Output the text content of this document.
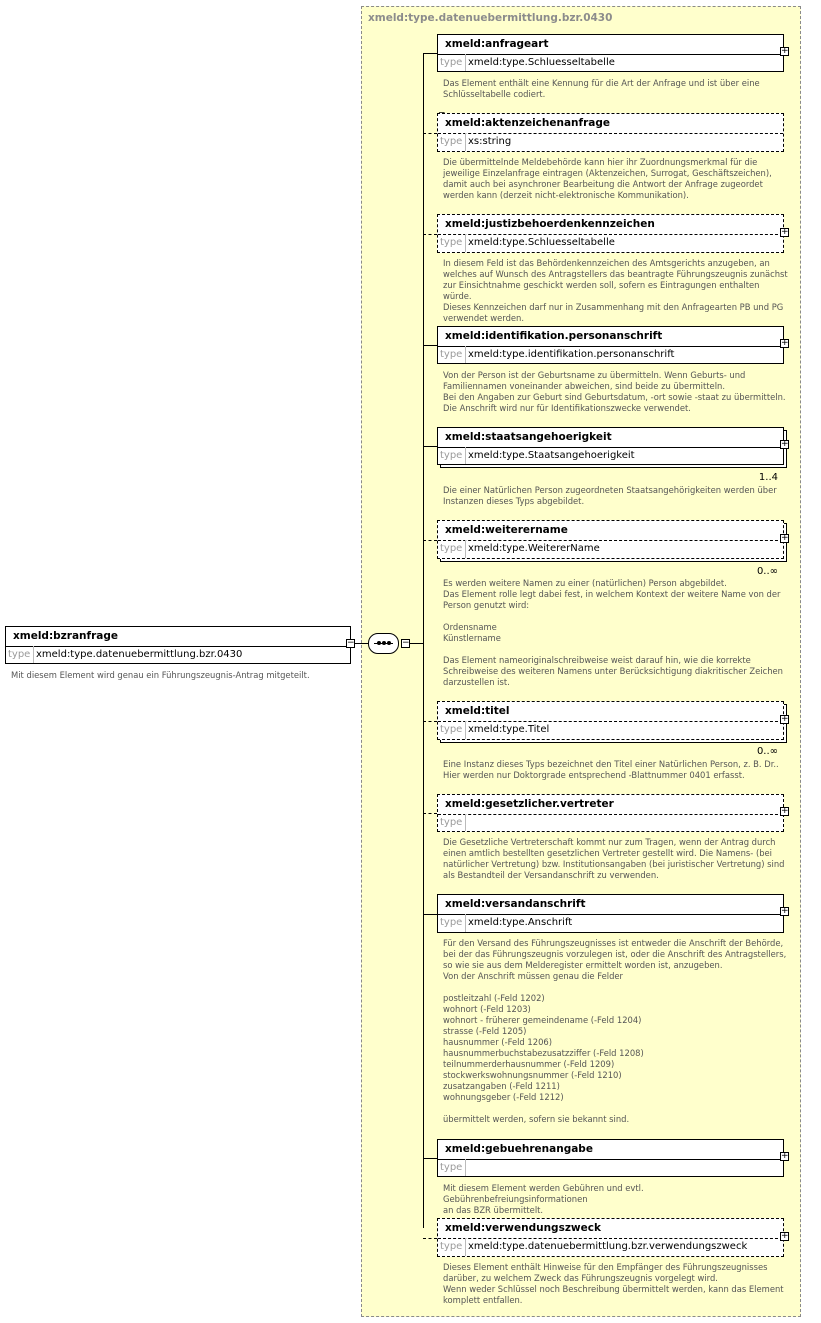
xmeld:type.datenuebermittlung.bzr.0430
xmeld:bzranfrage
type xmeld:type.datenuebermittlung.bzr.0430
−
Mit diesem Element wird genau ein Führungszeugnis-Antrag mitgeteilt.
−
xmeld:anfrageart
type xmeld:type.Schluesseltabelle
+
Das Element enthält eine Kennung für die Art der Anfrage und ist über eine
Schlüsseltabelle codiert.
xmeld:aktenzeichenanfrage
type xs:string
Die übermittelnde Meldebehörde kann hier ihr Zuordnungsmerkmal für die
jeweilige Einzelanfrage eintragen (Aktenzeichen, Surrogat, Geschäftszeichen),
damit auch bei asynchroner Bearbeitung die Antwort der Anfrage zugeordet
werden kann (derzeit nicht-elektronische Kommunikation).
xmeld:justizbehoerdenkennzeichen
type xmeld:type.Schluesseltabelle
+
In diesem Feld ist das Behördenkennzeichen des Amtsgerichts anzugeben, an
welches auf Wunsch des Antragstellers das beantragte Führungszeugnis zunächst
zur Einsichtnahme geschickt werden soll, sofern es Eintragungen enthalten würde.
Dieses Kennzeichen darf nur in Zusammenhang mit den Anfragearten PB und PG
verwendet werden.
xmeld:identifikation.personanschrift
type xmeld:type.identifikation.personanschrift
+
Von der Person ist der Geburtsname zu übermitteln. Wenn Geburts- und
Familiennamen voneinander abweichen, sind beide zu übermitteln.
Bei den Angaben zur Geburt sind Geburtsdatum, -ort sowie -staat zu übermitteln.
Die Anschrift wird nur für Identifikationszwecke verwendet.
xmeld:staatsangehoerigkeit
type xmeld:type.Staatsangehoerigkeit
+
1..4
Die einer Natürlichen Person zugeordneten Staatsangehörigkeiten werden über
Instanzen dieses Typs abgebildet.
xmeld:weiterername
type xmeld:type.WeitererName
+
0..∞
Es werden weitere Namen zu einer (natürlichen) Person abgebildet.
Das Element rolle legt dabei fest, in welchem Kontext der weitere Name von der
Person genutzt wird:

Ordensname
Künstlername

Das Element nameoriginalschreibweise weist darauf hin, wie die korrekte
Schreibweise des weiteren Namens unter Berücksichtigung diakritischer Zeichen
darzustellen ist.
xmeld:titel
type xmeld:type.Titel
+
0..∞
Eine Instanz dieses Typs bezeichnet den Titel einer Natürlichen Person, z. B. Dr..
Hier werden nur Doktorgrade entsprechend -Blattnummer 0401 erfasst.
xmeld:gesetzlicher.vertreter
type
+
Die Gesetzliche Vertreterschaft kommt nur zum Tragen, wenn der Antrag durch
einen amtlich bestellten gesetzlichen Vertreter gestellt wird. Die Namens- (bei
natürlicher Vertretung) bzw. Institutionsangaben (bei juristischer Vertretung) sind
als Bestandteil der Versandanschrift zu verwenden.
xmeld:versandanschrift
type xmeld:type.Anschrift
+
Für den Versand des Führungszeugnisses ist entweder die Anschrift der Behörde,
bei der das Führungszeugnis vorzulegen ist, oder die Anschrift des Antragstellers,
so wie sie aus dem Melderegister ermittelt worden ist, anzugeben.
Von der Anschrift müssen genau die Felder

postleitzahl (-Feld 1202)
wohnort (-Feld 1203)
wohnort - früherer gemeindename (-Feld 1204)
strasse (-Feld 1205)
hausnummer (-Feld 1206)
hausnummerbuchstabezusatzziffer (-Feld 1208)
teilnummerderhausnummer (-Feld 1209)
stockwerkswohnungsnummer (-Feld 1210)
zusatzangaben (-Feld 1211)
wohnungsgeber (-Feld 1212)

übermittelt werden, sofern sie bekannt sind.
xmeld:gebuehrenangabe
type
+
Mit diesem Element werden Gebühren und evtl. Gebührenbefreiungsinformationen
an das BZR übermittelt.
xmeld:verwendungszweck
type xmeld:type.datenuebermittlung.bzr.verwendungszweck
+
Dieses Element enthält Hinweise für den Empfänger des Führungszeugnisses
darüber, zu welchem Zweck das Führungszeugnis vorgelegt wird.
Wenn weder Schlüssel noch Beschreibung übermittelt werden, kann das Element
komplett entfallen.
